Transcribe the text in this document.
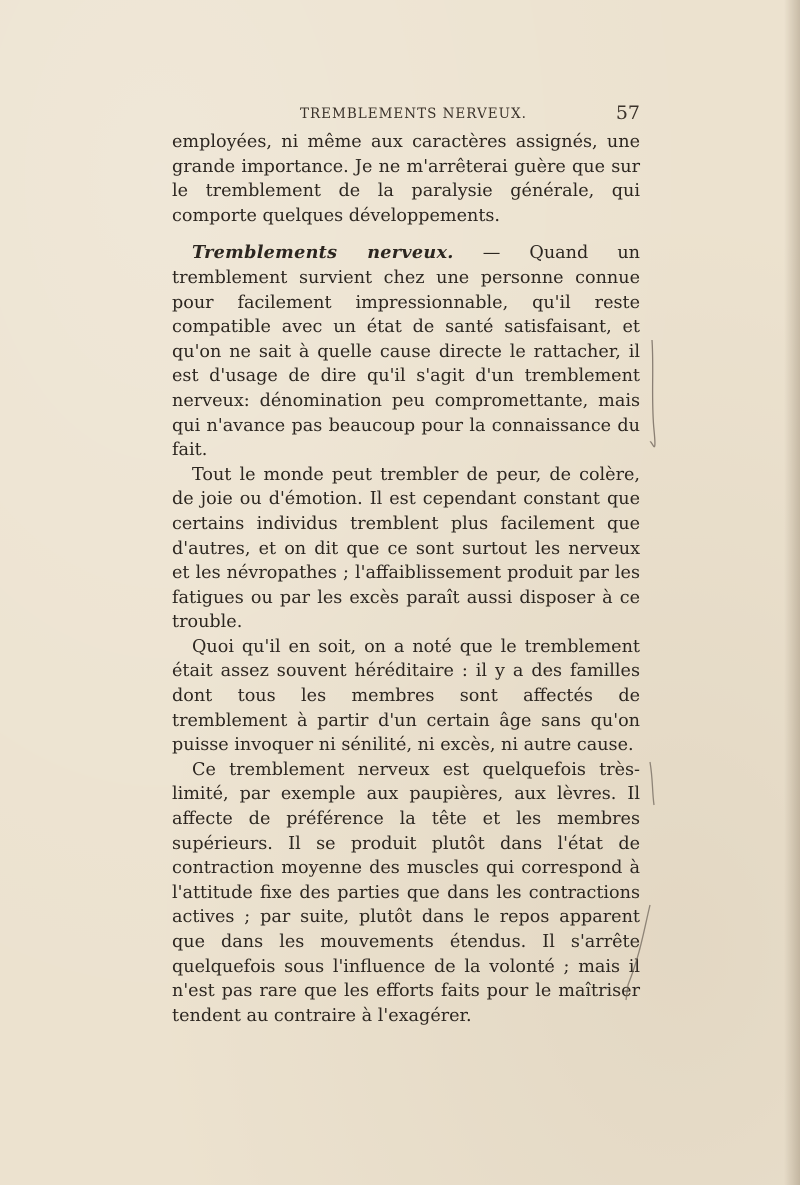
TREMBLEMENTS NERVEUX.	57

employées, ni même aux caractères assignés, une grande importance. Je ne m'arrêterai guère que sur le tremblement de la paralysie générale, qui comporte quelques développements.

Tremblements nerveux. — Quand un tremblement survient chez une personne connue pour facilement impressionnable, qu'il reste compatible avec un état de santé satisfaisant, et qu'on ne sait à quelle cause directe le rattacher, il est d'usage de dire qu'il s'agit d'un tremblement nerveux: dénomination peu compromettante, mais qui n'avance pas beaucoup pour la connaissance du fait.

Tout le monde peut trembler de peur, de colère, de joie ou d'émotion. Il est cependant constant que certains individus tremblent plus facilement que d'autres, et on dit que ce sont surtout les nerveux et les névropathes ; l'affaiblissement produit par les fatigues ou par les excès paraît aussi disposer à ce trouble.

Quoi qu'il en soit, on a noté que le tremblement était assez souvent héréditaire : il y a des familles dont tous les membres sont affectés de tremblement à partir d'un certain âge sans qu'on puisse invoquer ni sénilité, ni excès, ni autre cause.

Ce tremblement nerveux est quelquefois très-limité, par exemple aux paupières, aux lèvres. Il affecte de préférence la tête et les membres supérieurs. Il se produit plutôt dans l'état de contraction moyenne des muscles qui correspond à l'attitude fixe des parties que dans les contractions actives ; par suite, plutôt dans le repos apparent que dans les mouvements étendus. Il s'arrête quelquefois sous l'influence de la volonté ; mais il n'est pas rare que les efforts faits pour le maîtriser tendent au contraire à l'exagérer.
